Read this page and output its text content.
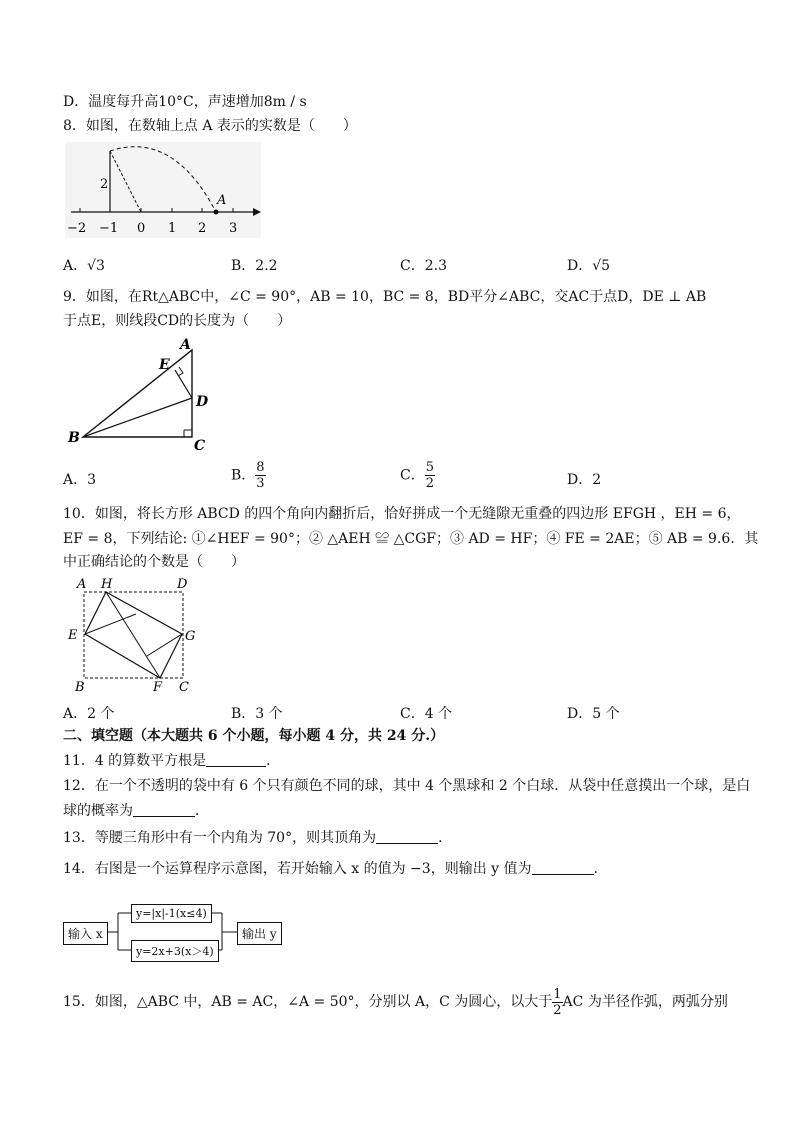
D．温度每升高10°C，声速增加8m / s
8．如图，在数轴上点 A 表示的实数是（　　）
A
2
−2 −1 0 1 2 3
A．√3	B．2.2	C．2.3	D．√5
9．如图，在Rt△ABC中，∠C = 90°，AB = 10，BC = 8，BD平分∠ABC，交AC于点D，DE ⊥ AB
于点E，则线段CD的长度为（　　）
A
E
D
B	C
A．3	B． $\frac{8}{3}$	C． $\frac{5}{2}$	D．2
10．如图，将长方形 ABCD 的四个角向内翻折后，恰好拼成一个无缝隙无重叠的四边形 EFGH ，EH = 6，
EF = 8，下列结论: ①∠HEF = 90°；② △AEH ≌ △CGF；③ AD = HF；④ FE = 2AE；⑤ AB = 9.6．其
中正确结论的个数是（　　）
A H	D
E	G
B	F C
A．2 个	B．3 个	C．4 个	D．5 个
二、填空题（本大题共 6 个小题，每小题 4 分，共 24 分.）
11．4 的算数平方根是	．
12．在一个不透明的袋中有 6 个只有颜色不同的球，其中 4 个黑球和 2 个白球．从袋中任意摸出一个球，是白
球的概率为	．
13．等腰三角形中有一个内角为 70°，则其顶角为	．
14．右图是一个运算程序示意图，若开始输入 x 的值为 −3，则输出 y 值为	．
输入 x
y=|x|-1(x≤4)
y=2x+3(x＞4)
输出 y
15．如图，△ABC 中，AB = AC，∠A = 50°，分别以 A，C 为圆心，以大于 $\frac{1}{2}$ AC 为半径作弧，两弧分别
